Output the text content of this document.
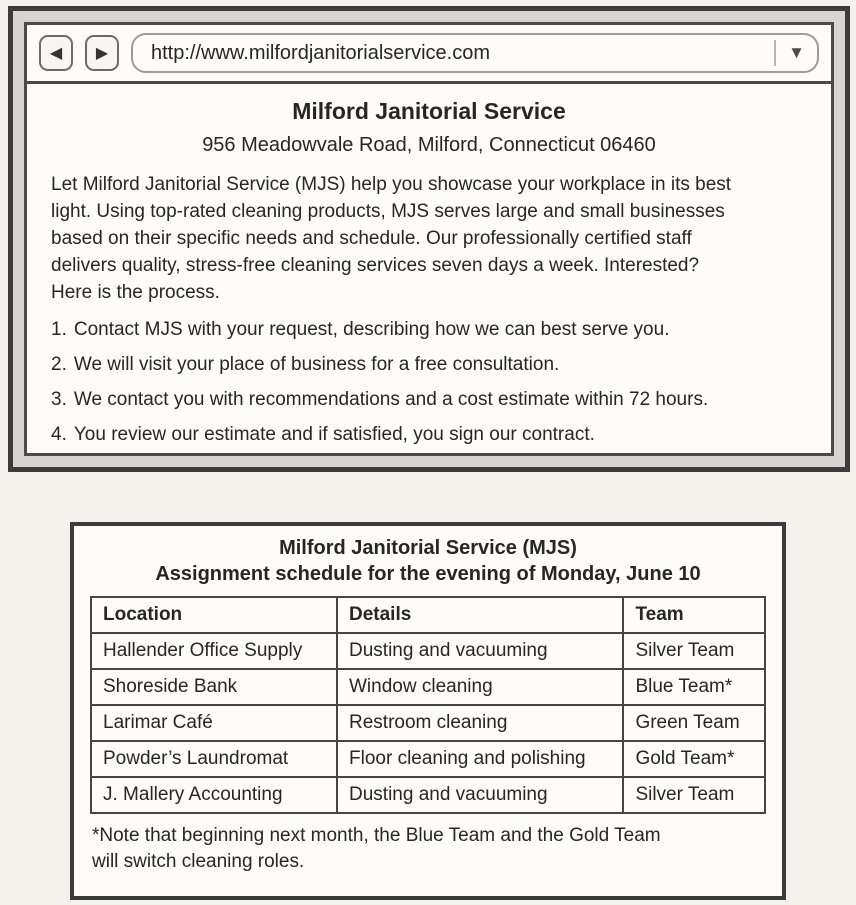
◀ ▶ http://www.milfordjanitorialservice.com	▼
Milford Janitorial Service
956 Meadowvale Road, Milford, Connecticut 06460
Let Milford Janitorial Service (MJS) help you showcase your workplace in its best
light. Using top-rated cleaning products, MJS serves large and small businesses
based on their specific needs and schedule. Our professionally certified staff
delivers quality, stress-free cleaning services seven days a week. Interested?
Here is the process.
1. Contact MJS with your request, describing how we can best serve you.
2. We will visit your place of business for a free consultation.
3. We contact you with recommendations and a cost estimate within 72 hours.
4. You review our estimate and if satisfied, you sign our contract.
Milford Janitorial Service (MJS)
Assignment schedule for the evening of Monday, June 10
Location	Details	Team
Hallender Office Supply	Dusting and vacuuming	Silver Team
Shoreside Bank	Window cleaning	Blue Team*
Larimar Café	Restroom cleaning	Green Team
Powder’s Laundromat	Floor cleaning and polishing	Gold Team*
J. Mallery Accounting	Dusting and vacuuming	Silver Team
*Note that beginning next month, the Blue Team and the Gold Team
will switch cleaning roles.
